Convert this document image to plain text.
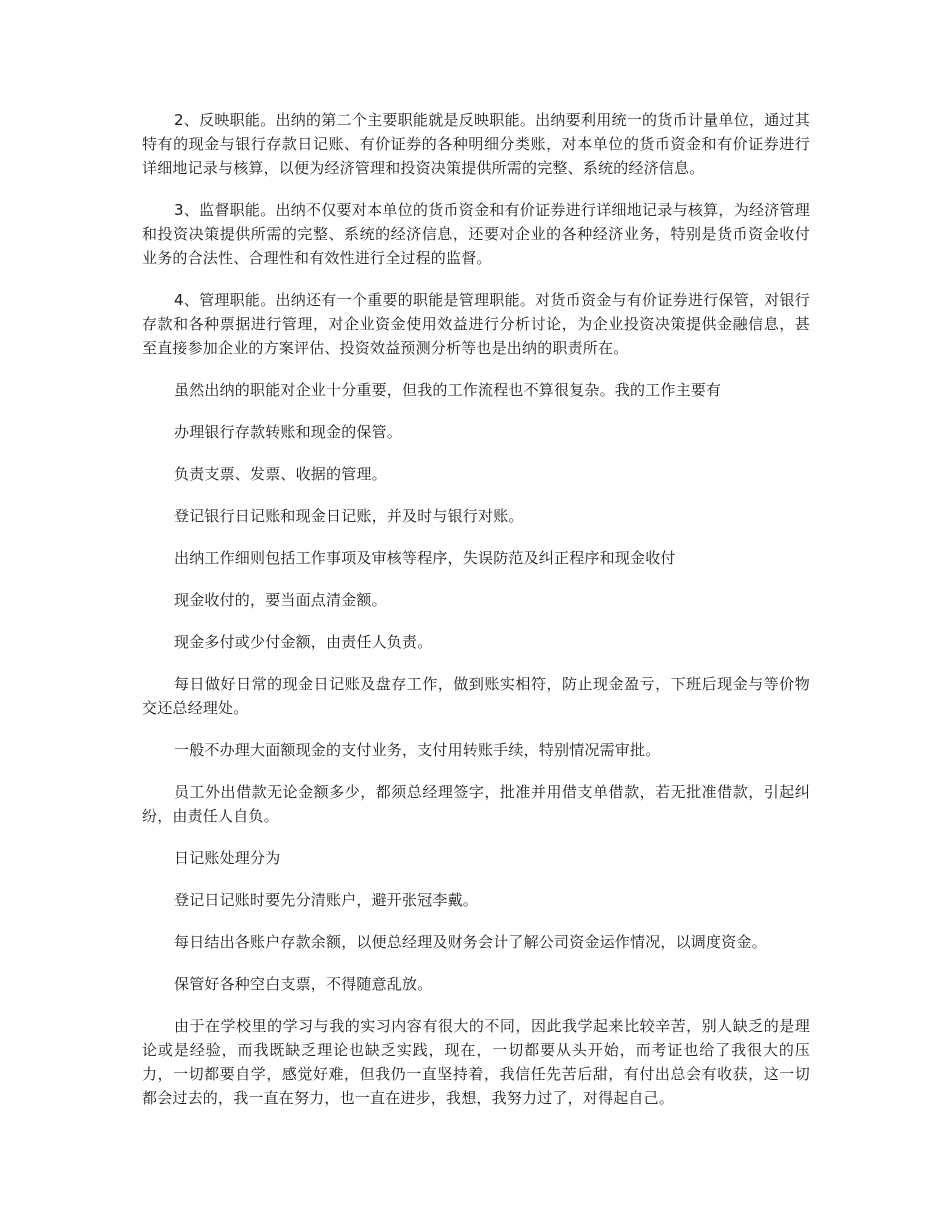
2、反映职能。出纳的第二个主要职能就是反映职能。出纳要利用统一的货币计量单位，通过其特有的现金与银行存款日记账、有价证券的各种明细分类账，对本单位的货币资金和有价证券进行详细地记录与核算，以便为经济管理和投资决策提供所需的完整、系统的经济信息。

3、监督职能。出纳不仅要对本单位的货币资金和有价证券进行详细地记录与核算，为经济管理和投资决策提供所需的完整、系统的经济信息，还要对企业的各种经济业务，特别是货币资金收付业务的合法性、合理性和有效性进行全过程的监督。

4、管理职能。出纳还有一个重要的职能是管理职能。对货币资金与有价证券进行保管，对银行存款和各种票据进行管理，对企业资金使用效益进行分析讨论，为企业投资决策提供金融信息，甚至直接参加企业的方案评估、投资效益预测分析等也是出纳的职责所在。

虽然出纳的职能对企业十分重要，但我的工作流程也不算很复杂。我的工作主要有

办理银行存款转账和现金的保管。

负责支票、发票、收据的管理。

登记银行日记账和现金日记账，并及时与银行对账。

出纳工作细则包括工作事项及审核等程序，失误防范及纠正程序和现金收付

现金收付的，要当面点清金额。

现金多付或少付金额，由责任人负责。

每日做好日常的现金日记账及盘存工作，做到账实相符，防止现金盈亏，下班后现金与等价物交还总经理处。

一般不办理大面额现金的支付业务，支付用转账手续，特别情况需审批。

员工外出借款无论金额多少，都须总经理签字，批准并用借支单借款，若无批准借款，引起纠纷，由责任人自负。

日记账处理分为

登记日记账时要先分清账户，避开张冠李戴。

每日结出各账户存款余额，以便总经理及财务会计了解公司资金运作情况，以调度资金。

保管好各种空白支票，不得随意乱放。

由于在学校里的学习与我的实习内容有很大的不同，因此我学起来比较辛苦，别人缺乏的是理论或是经验，而我既缺乏理论也缺乏实践，现在，一切都要从头开始，而考证也给了我很大的压力，一切都要自学，感觉好难，但我仍一直坚持着，我信任先苦后甜，有付出总会有收获，这一切都会过去的，我一直在努力，也一直在进步，我想，我努力过了，对得起自己。
